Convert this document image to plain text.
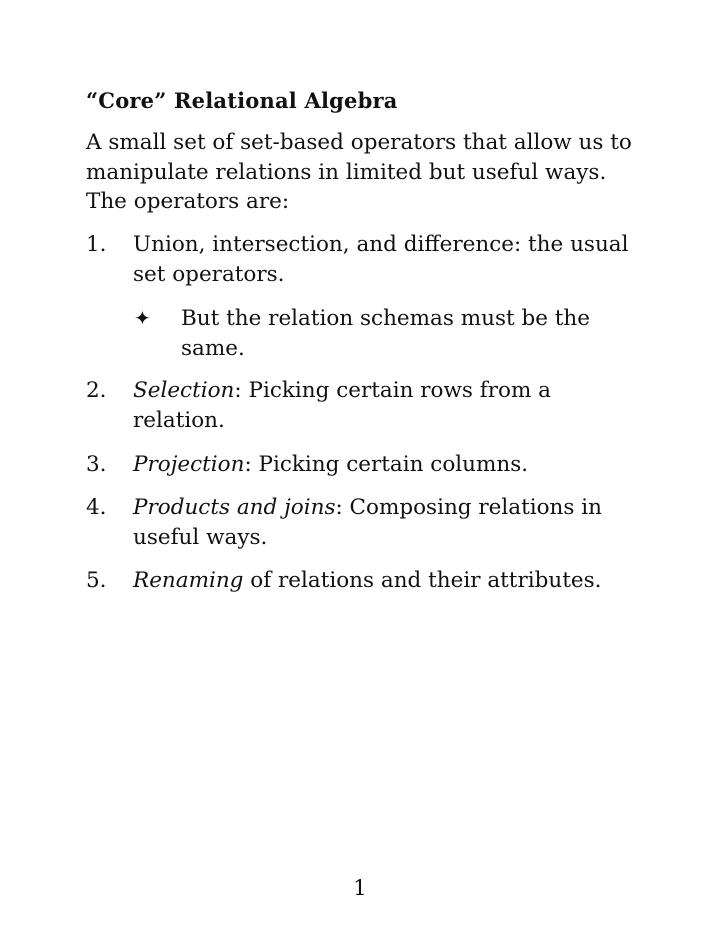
“Core” Relational Algebra
A small set of set-based operators that allow us to
manipulate relations in limited but useful ways.
The operators are:
1. Union, intersection, and difference: the usual
set operators.
✦ But the relation schemas must be the
same.
2. Selection: Picking certain rows from a
relation.
3. Projection: Picking certain columns.
4. Products and joins: Composing relations in
useful ways.
5. Renaming of relations and their attributes.
1
